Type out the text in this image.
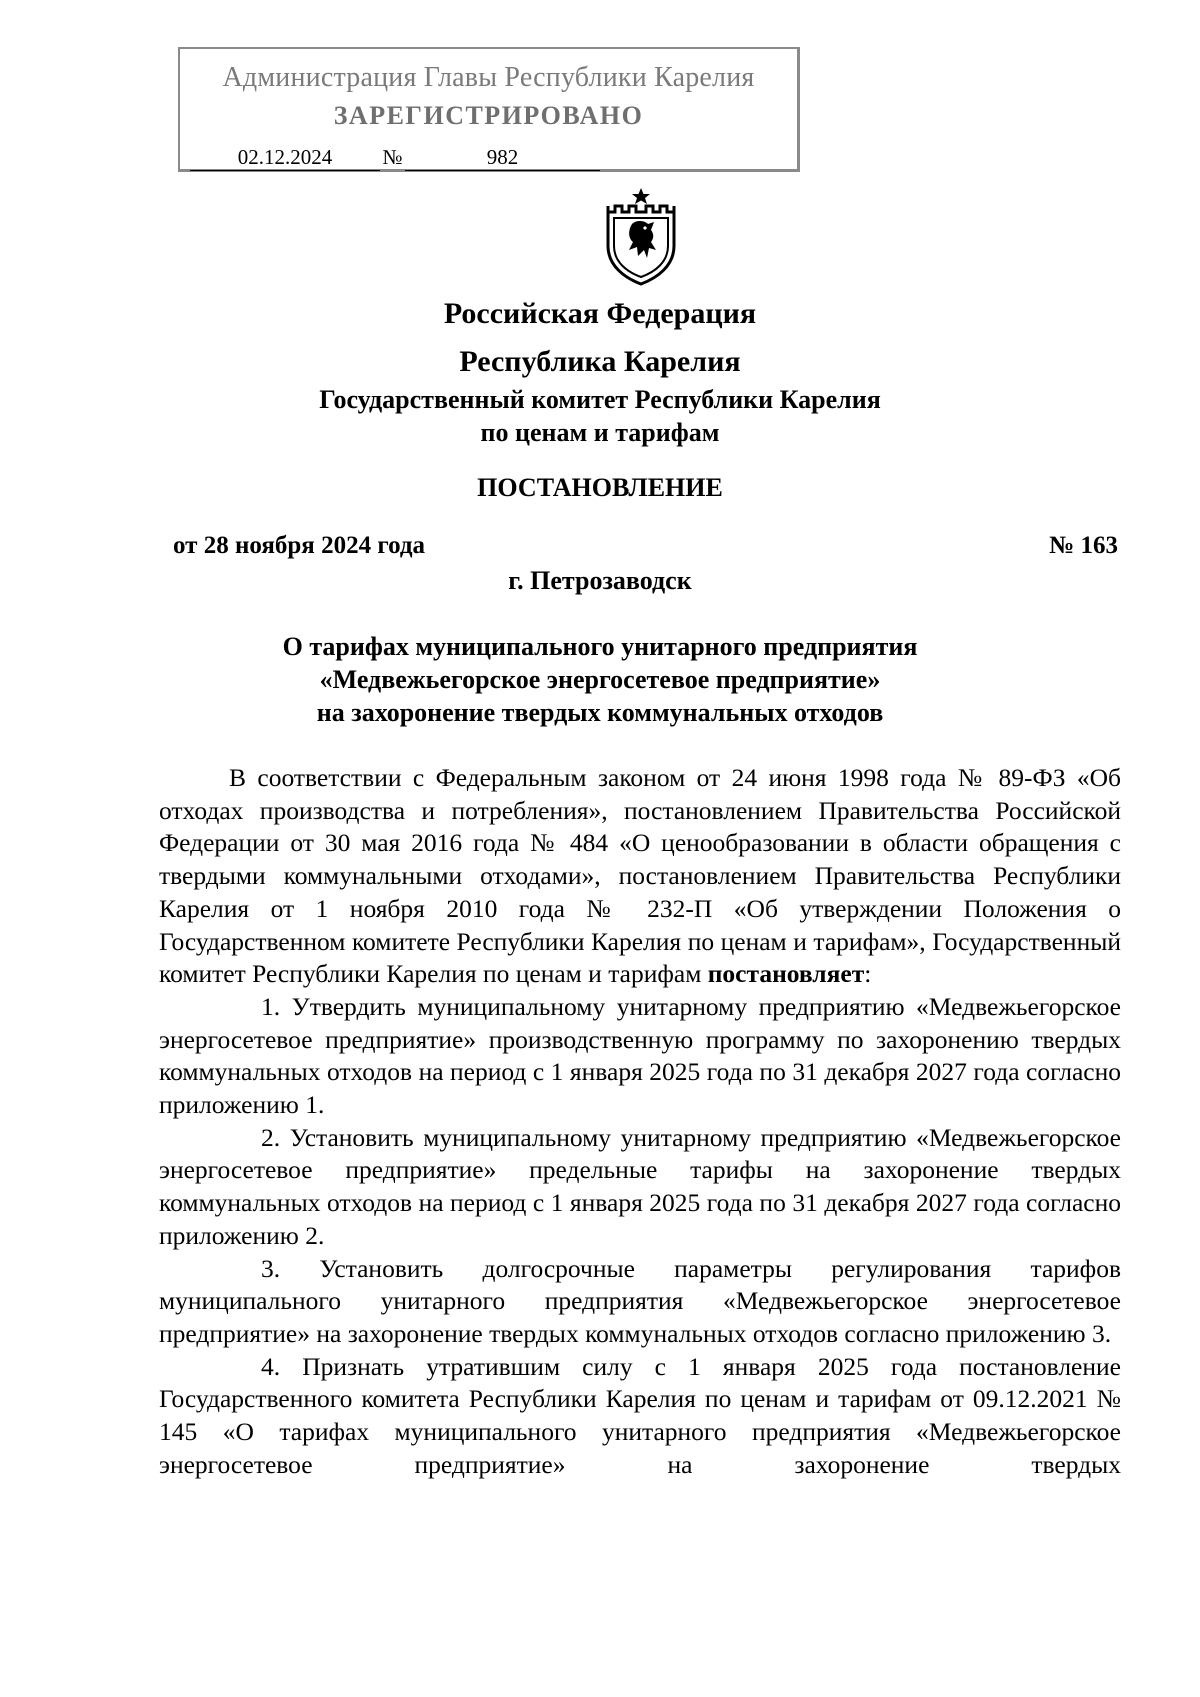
Администрация Главы Республики Карелия
ЗАРЕГИСТРИРОВАНО
02.12.2024	№	982
Российская Федерация
Республика Карелия
Государственный комитет Республики Карелия
по ценам и тарифам
ПОСТАНОВЛЕНИЕ
от 28 ноября 2024 года	№ 163
г. Петрозаводск
О тарифах муниципального унитарного предприятия
«Медвежьегорское энергосетевое предприятие»
на захоронение твердых коммунальных отходов

В соответствии с Федеральным законом от 24 июня 1998 года № 89-ФЗ «Об отходах производства и потребления», постановлением Правительства Российской Федерации от 30 мая 2016 года № 484 «О ценообразовании в области обращения с твердыми коммунальными отходами», постановлением Правительства Республики Карелия от 1 ноября 2010 года № 232-П «Об утверждении Положения о Государственном комитете Республики Карелия по ценам и тарифам», Государственный комитет Республики Карелия по ценам и тарифам постановляет:

1. Утвердить муниципальному унитарному предприятию «Медвежьегорское энергосетевое предприятие» производственную программу по захоронению твердых коммунальных отходов на период с 1 января 2025 года по 31 декабря 2027 года согласно приложению 1.

2. Установить муниципальному унитарному предприятию «Медвежьегорское энергосетевое предприятие» предельные тарифы на захоронение твердых коммунальных отходов на период с 1 января 2025 года по 31 декабря 2027 года согласно приложению 2.

3. Установить долгосрочные параметры регулирования тарифов муниципального унитарного предприятия «Медвежьегорское энергосетевое предприятие» на захоронение твердых коммунальных отходов согласно приложению 3.

4. Признать утратившим силу с 1 января 2025 года постановление Государственного комитета Республики Карелия по ценам и тарифам от 09.12.2021 № 145 «О тарифах муниципального унитарного предприятия «Медвежьегорское энергосетевое предприятие» на захоронение твердых
